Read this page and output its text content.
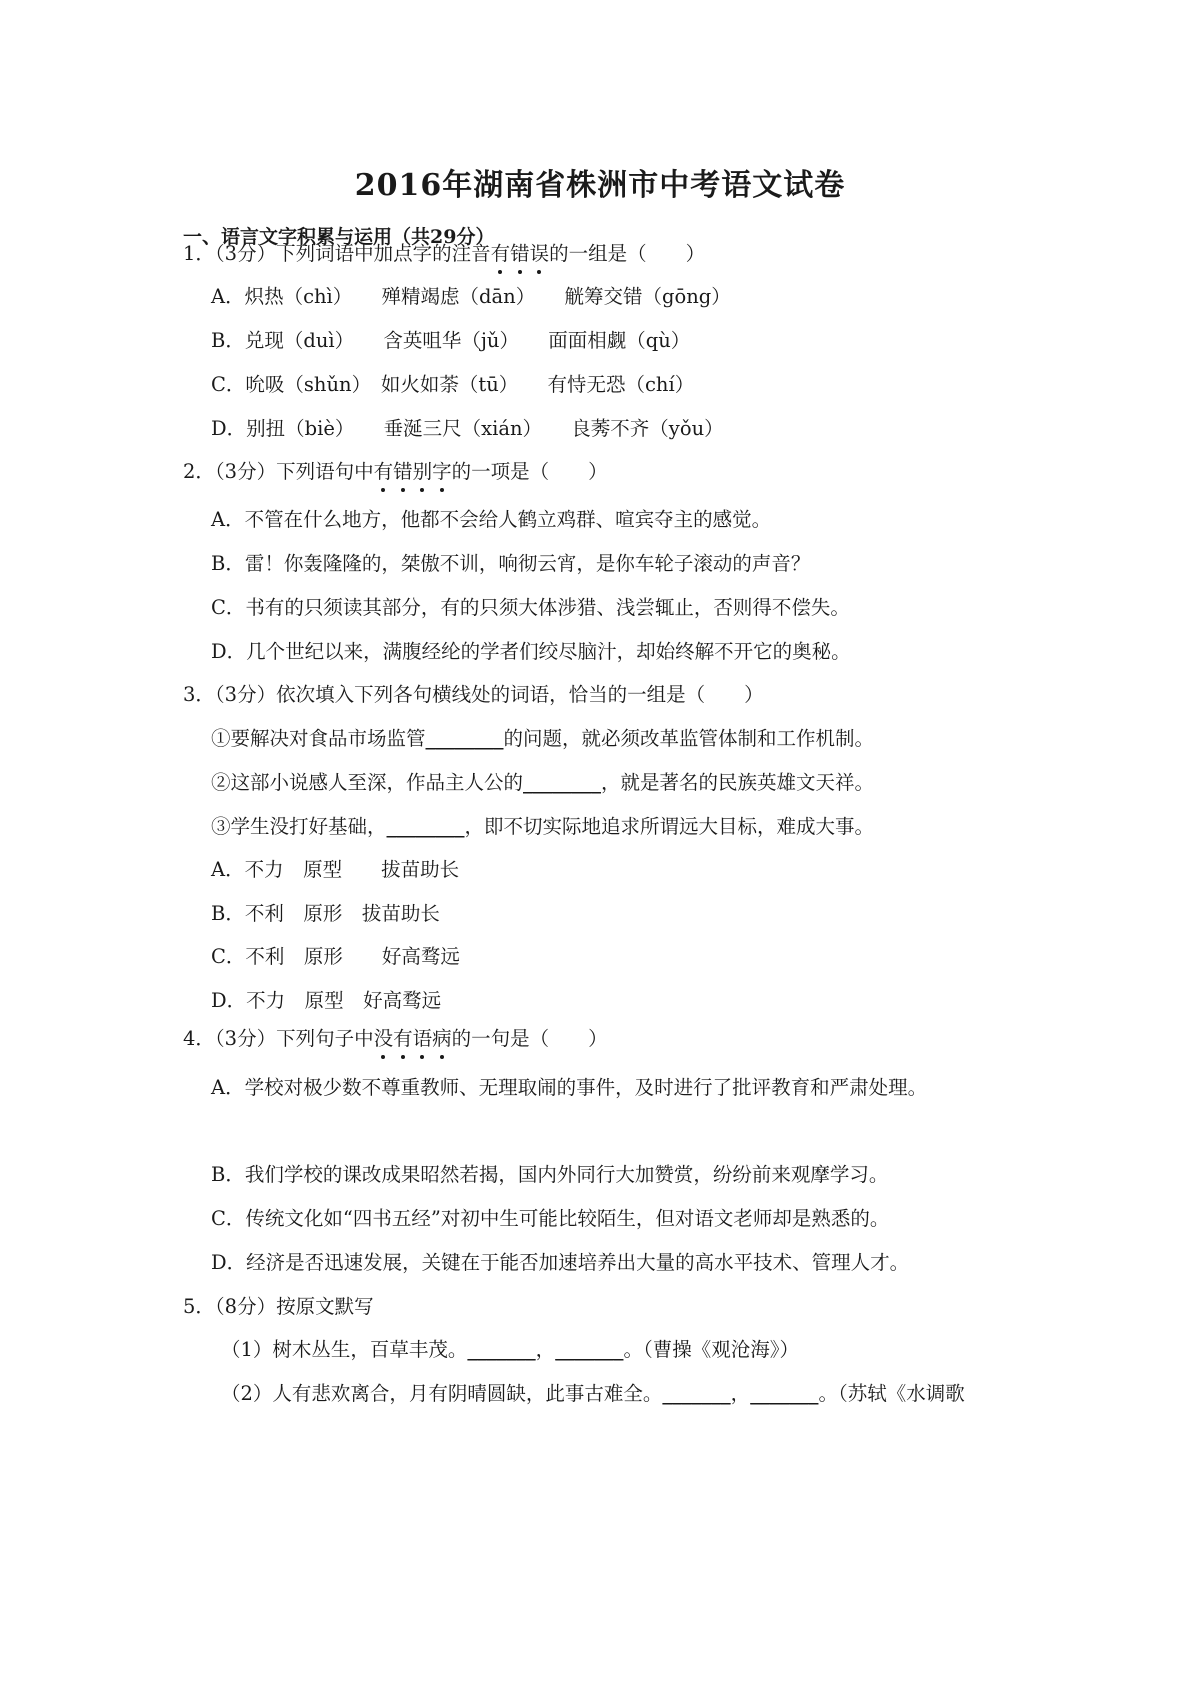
2016年湖南省株洲市中考语文试卷
一、语言文字积累与运用（共29分）
1．（3分）下列词语中加点字的注音有错误的一组是（　　）
A．炽热（chì）　　殚精竭虑（dān）　　觥筹交错（gōng）
B．兑现（duì）　　含英咀华（jǔ）　　面面相觑（qù）
C．吮吸（shǔn）　如火如荼（tū）　　有恃无恐（chí）
D．别扭（biè）　　垂涎三尺（xián）　　良莠不齐（yǒu）
2．（3分）下列语句中有错别字的一项是（　　）
A．不管在什么地方，他都不会给人鹤立鸡群、喧宾夺主的感觉。
B．雷！你轰隆隆的，桀傲不训，响彻云宵，是你车轮子滚动的声音？
C．书有的只须读其部分，有的只须大体涉猎、浅尝辄止，否则得不偿失。
D．几个世纪以来，满腹经纶的学者们绞尽脑汁，却始终解不开它的奥秘。
3．（3分）依次填入下列各句横线处的词语，恰当的一组是（　　）
①要解决对食品市场监管________的问题，就必须改革监管体制和工作机制。
②这部小说感人至深，作品主人公的________，就是著名的民族英雄文天祥。
③学生没打好基础，________，即不切实际地追求所谓远大目标，难成大事。
A．不力　原型　　拔苗助长
B．不利　原形　拔苗助长
C．不利　原形　　好高骛远
D．不力　原型　好高骛远
4．（3分）下列句子中没有语病的一句是（　　）
A．学校对极少数不尊重教师、无理取闹的事件，及时进行了批评教育和严肃处理。
B．我们学校的课改成果昭然若揭，国内外同行大加赞赏，纷纷前来观摩学习。
C．传统文化如“四书五经”对初中生可能比较陌生，但对语文老师却是熟悉的。
D．经济是否迅速发展，关键在于能否加速培养出大量的高水平技术、管理人才。
5．（8分）按原文默写
（1）树木丛生，百草丰茂。_______，_______。（曹操《观沧海》）
（2）人有悲欢离合，月有阴晴圆缺，此事古难全。_______，_______。（苏轼《水调歌
